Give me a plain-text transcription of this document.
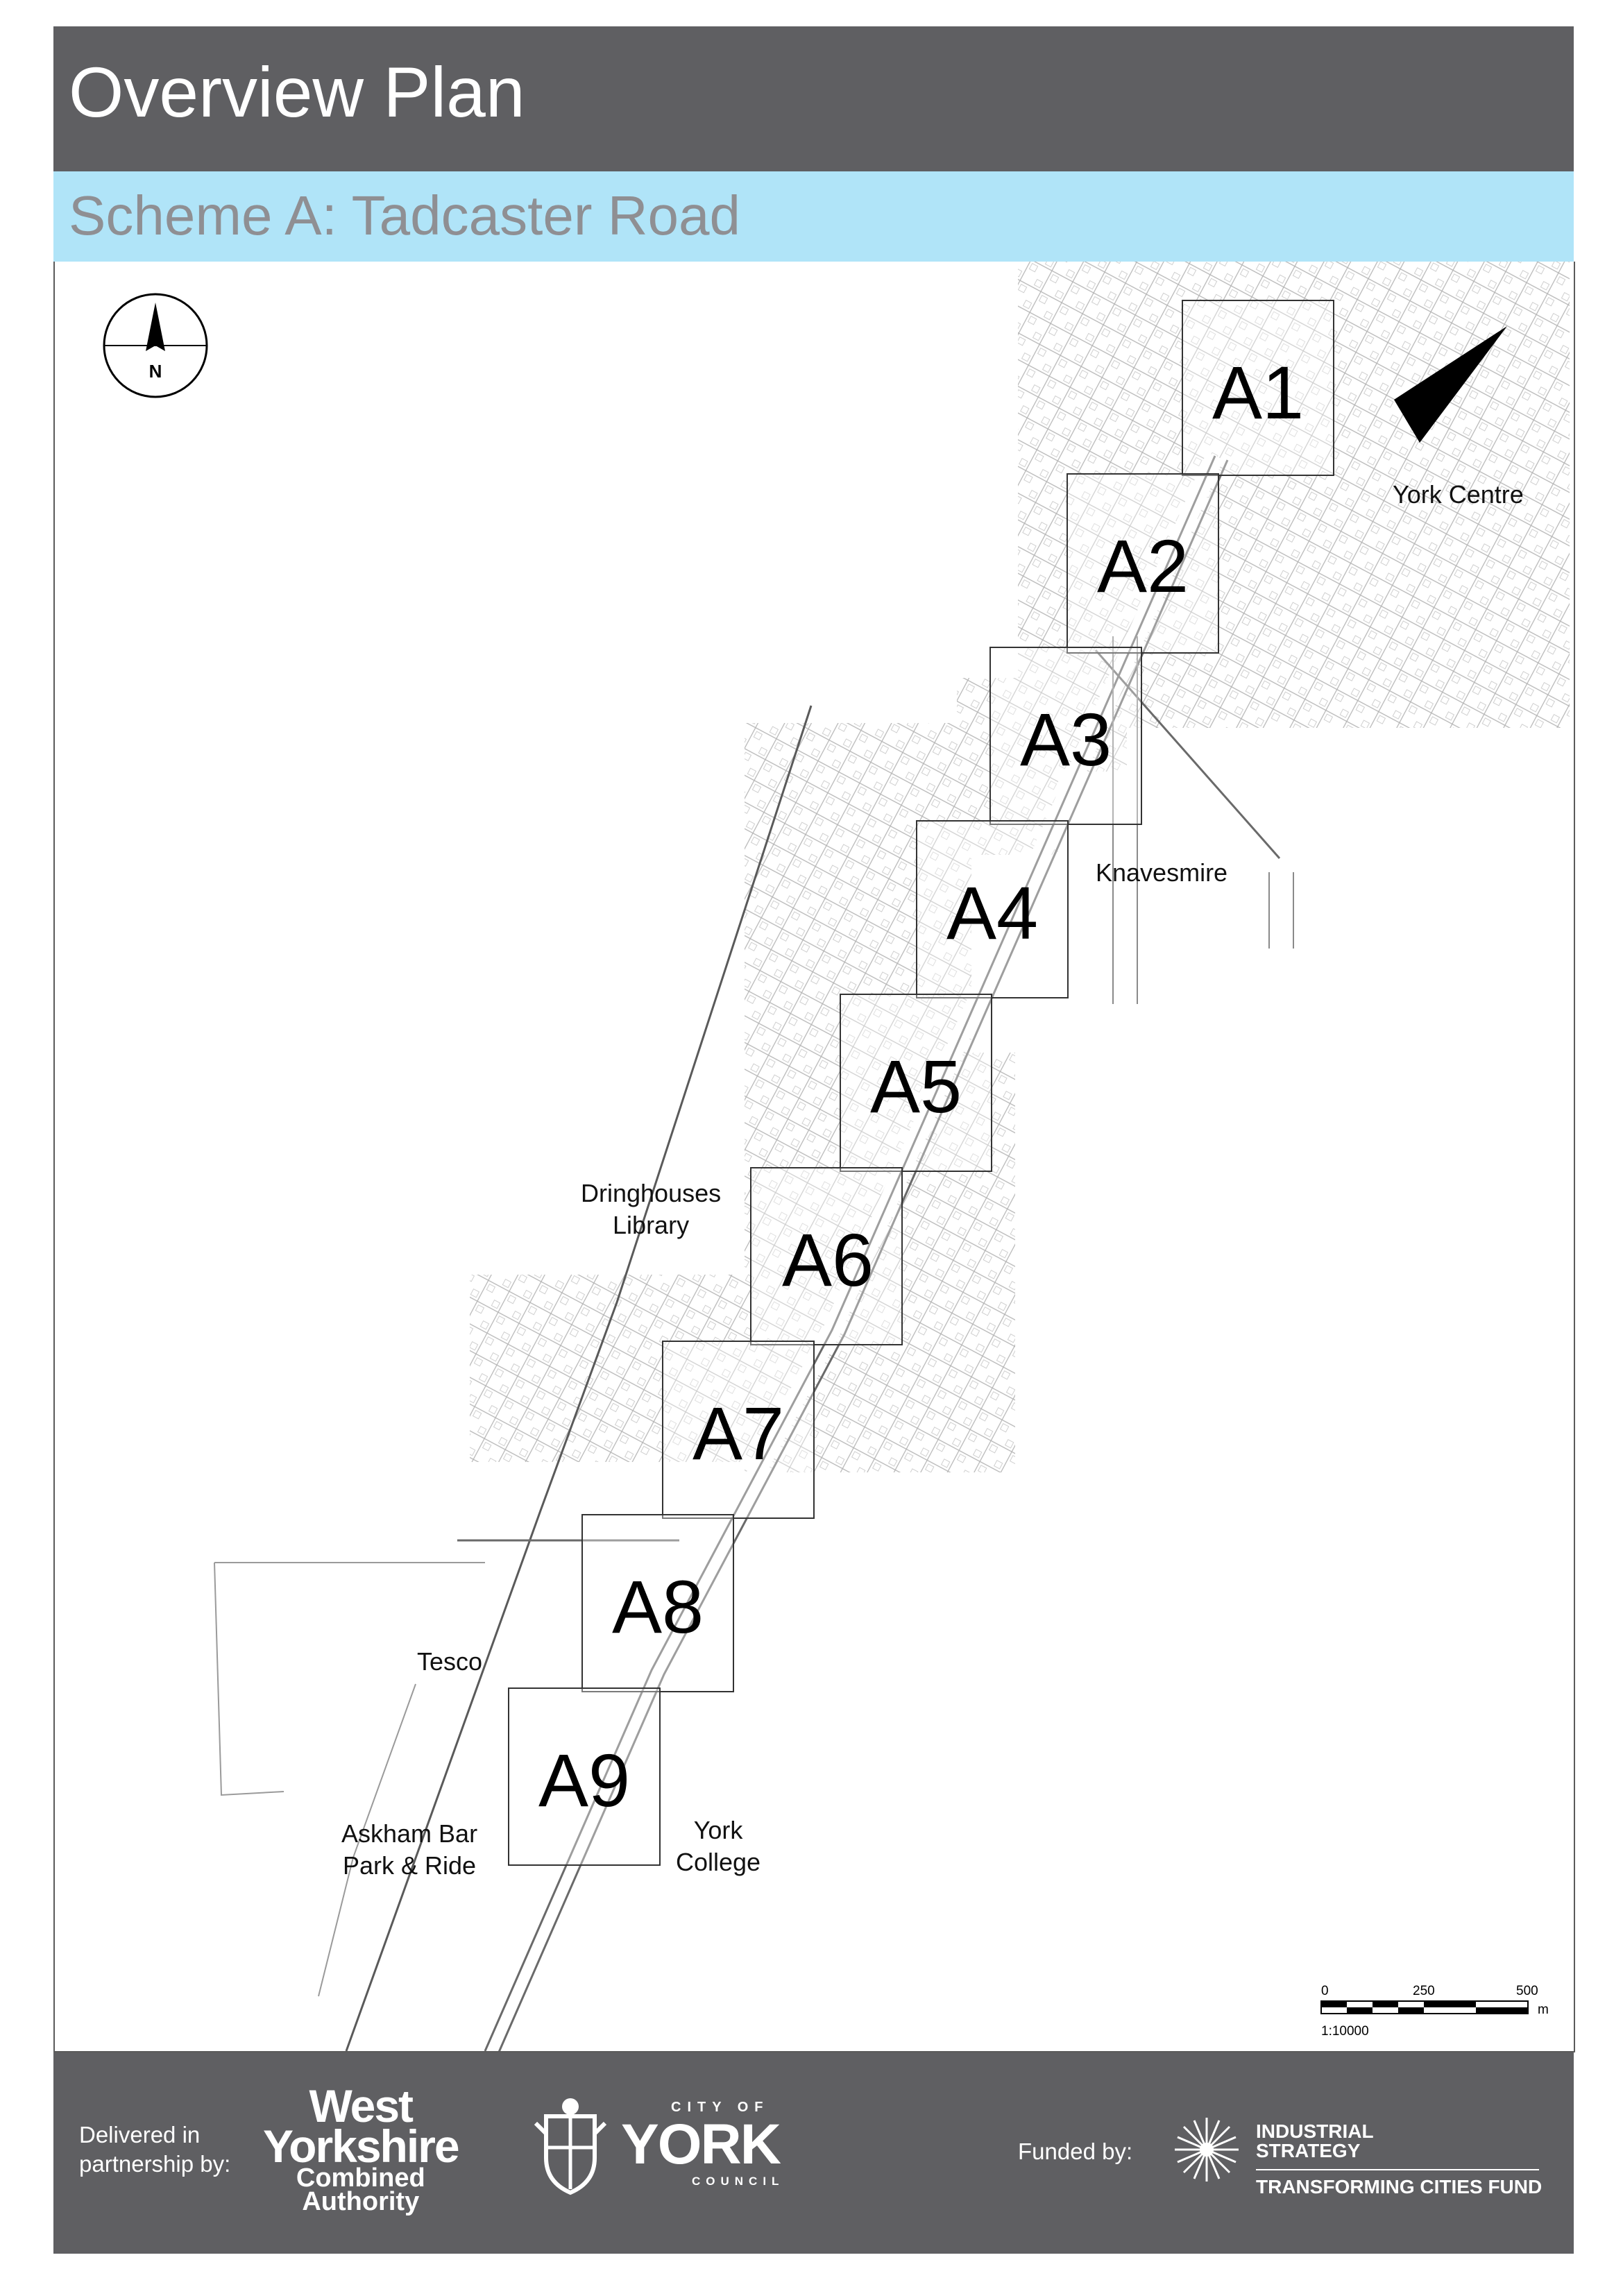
Overview Plan
Scheme A: Tadcaster Road
N	A1
A2
A3
A4
A5
A6
A7
A8
A9
0	250	500
m
1:10000
York Centre
Knavesmire
Dringhouses
Library
Tesco
Askham Bar
Park & Ride
York
College
Delivered in
partnership by:
West
Yorkshire
Combined
Authority
CITY OF
YORK
COUNCIL
Funded by:
INDUSTRIAL
STRATEGY
TRANSFORMING CITIES FUND
